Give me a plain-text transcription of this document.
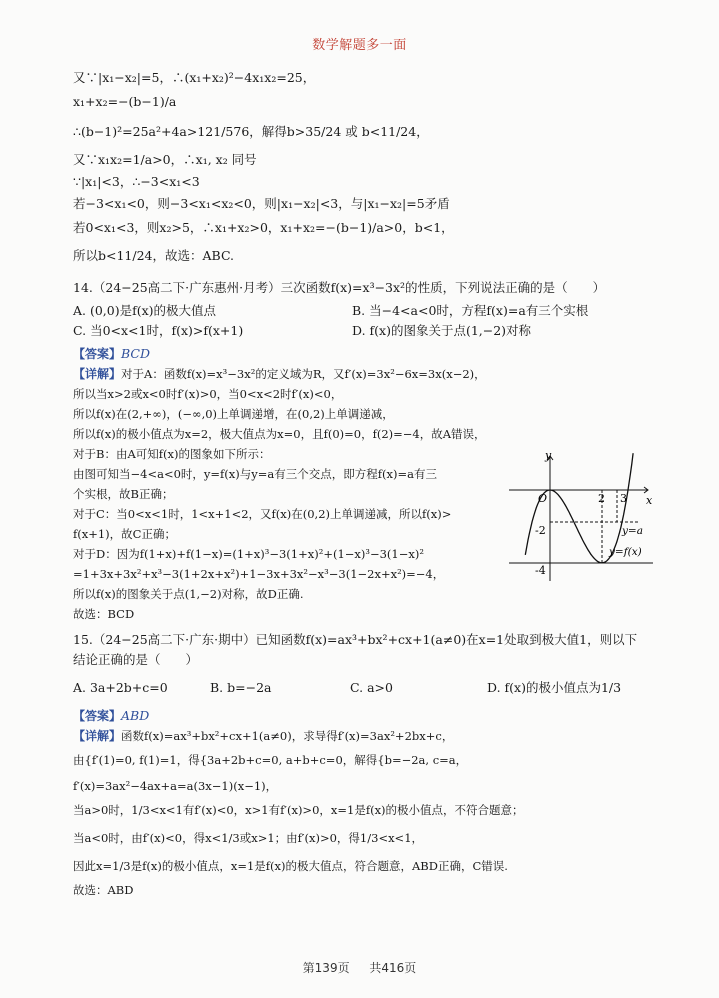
数学解题多一面
又∵|x₁−x₂|=5，∴(x₁+x₂)²−4x₁x₂=25，
x₁+x₂=−(b−1)/a
∴(b−1)²=25a²+4a>121/576，解得b>35/24 或 b<11/24，
又∵x₁x₂=1/a>0，∴x₁, x₂ 同号
∵|x₁|<3，∴−3<x₁<3
若−3<x₁<0，则−3<x₁<x₂<0，则|x₁−x₂|<3，与|x₁−x₂|=5矛盾
若0<x₁<3，则x₂>5，∴x₁+x₂>0，x₁+x₂=−(b−1)/a>0，b<1，
所以b<11/24，故选：ABC.
14.（24−25高二下·广东惠州·月考）三次函数f(x)=x³−3x²的性质，下列说法正确的是（　　）
A. (0,0)是f(x)的极大值点	B. 当−4<a<0时，方程f(x)=a有三个实根
C. 当0<x<1时，f(x)>f(x+1)	D. f(x)的图象关于点(1,−2)对称
【答案】BCD
【详解】对于A：函数f(x)=x³−3x²的定义域为R，又f′(x)=3x²−6x=3x(x−2)，
所以当x>2或x<0时f′(x)>0，当0<x<2时f′(x)<0，
所以f(x)在(2,+∞)，(−∞,0)上单调递增，在(0,2)上单调递减，
所以f(x)的极小值点为x=2，极大值点为x=0，且f(0)=0，f(2)=−4，故A错误，
对于B：由A可知f(x)的图象如下所示：
由图可知当−4<a<0时，y=f(x)与y=a有三个交点，即方程f(x)=a有三
个实根，故B正确；
对于C：当0<x<1时，1<x+1<2，又f(x)在(0,2)上单调递减，所以f(x)>
f(x+1)，故C正确；
对于D：因为f(1+x)+f(1−x)=(1+x)³−3(1+x)²+(1−x)³−3(1−x)²
=1+3x+3x²+x³−3(1+2x+x²)+1−3x+3x²−x³−3(1−2x+x²)=−4，
所以f(x)的图象关于点(1,−2)对称，故D正确.
故选：BCD
y
x
O	2 3
-2
-4
y=a
y=f(x)
15.（24−25高二下·广东·期中）已知函数f(x)=ax³+bx²+cx+1(a≠0)在x=1处取到极大值1，则以下
结论正确的是（　　）
A. 3a+2b+c=0	B. b=−2a	C. a>0	D. f(x)的极小值点为1/3
【答案】ABD
【详解】函数f(x)=ax³+bx²+cx+1(a≠0)，求导得f′(x)=3ax²+2bx+c，
由{f′(1)=0, f(1)=1，得{3a+2b+c=0, a+b+c=0，解得{b=−2a, c=a，
f′(x)=3ax²−4ax+a=a(3x−1)(x−1)，
当a>0时，1/3<x<1有f′(x)<0，x>1有f′(x)>0，x=1是f(x)的极小值点，不符合题意；
当a<0时，由f′(x)<0，得x<1/3或x>1；由f′(x)>0，得1/3<x<1，
因此x=1/3是f(x)的极小值点，x=1是f(x)的极大值点，符合题意，ABD正确，C错误.
故选：ABD
第139页 共416页
